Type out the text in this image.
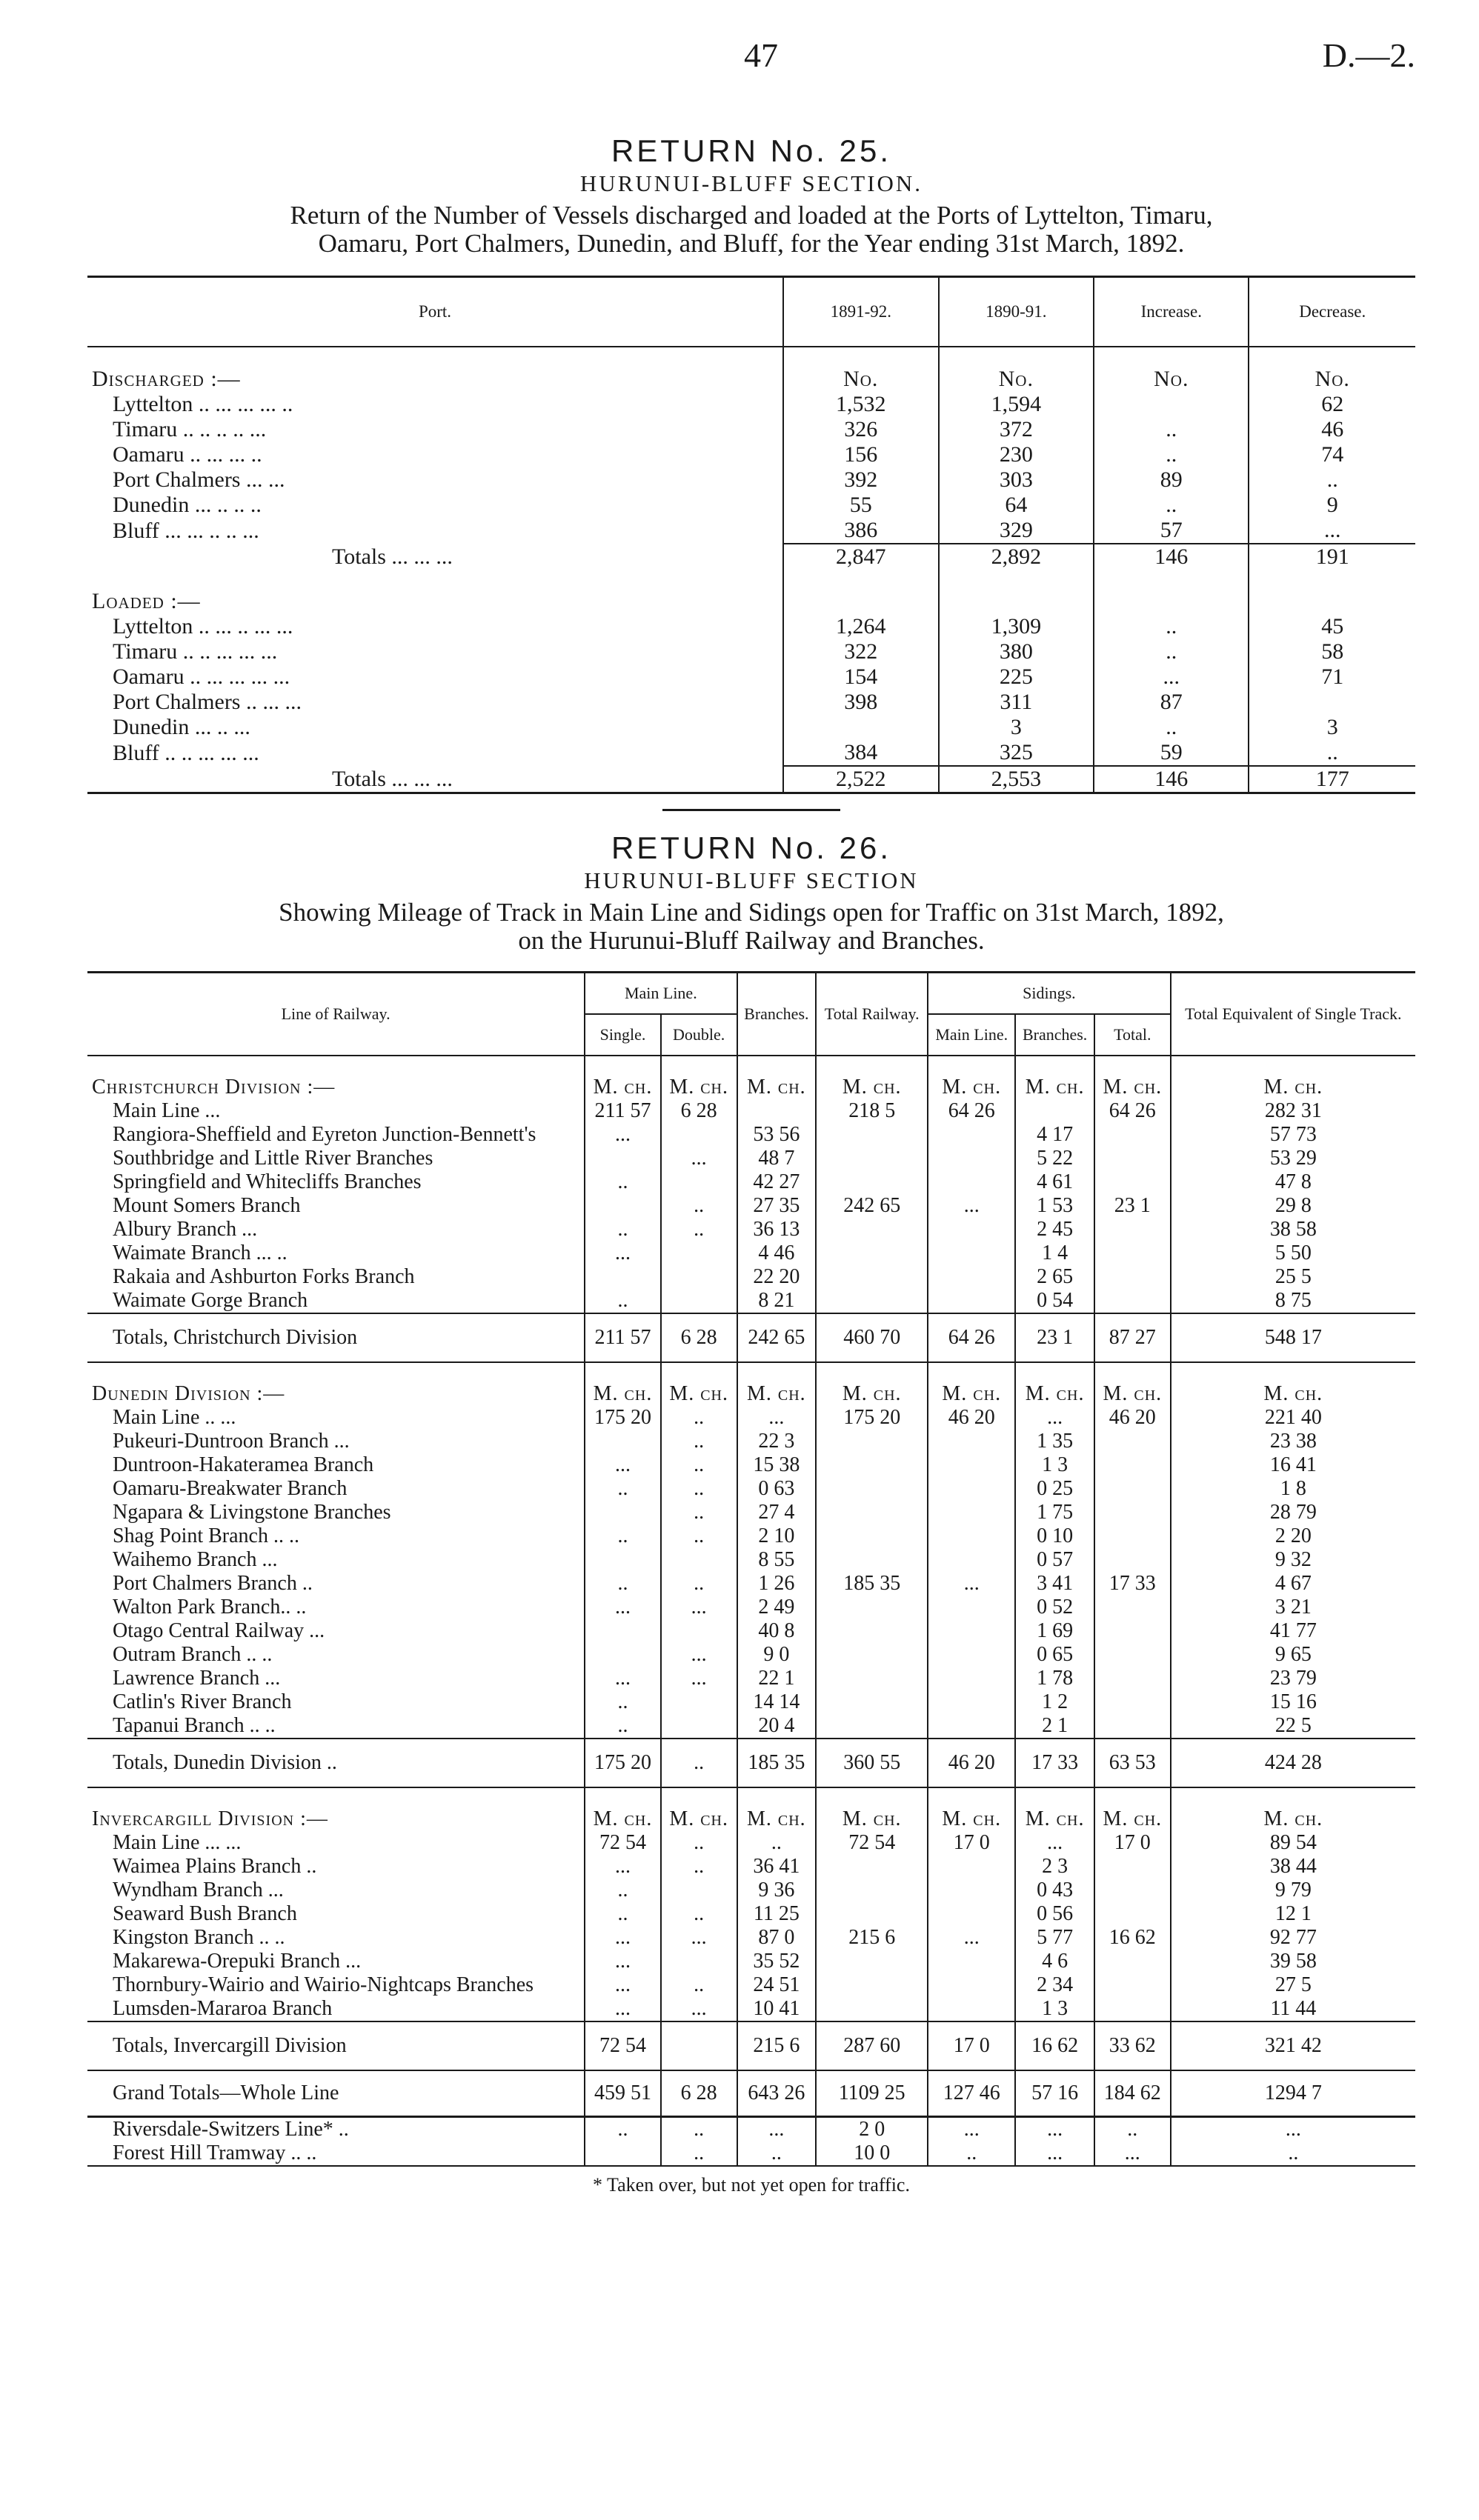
47	D.—2.
RETURN No. 25.
HURUNUI-BLUFF SECTION.
Return of the Number of Vessels discharged and loaded at the Ports of Lyttelton, Timaru,
Oamaru, Port Chalmers, Dunedin, and Bluff, for the Year ending 31st March, 1892.
Port.	1891-92.	1890-91.	Increase.	Decrease.
Discharged :—	No.	No.	No.	No.
Lyttelton .. ... ... ... ..	1,532	1,594		62
Timaru .. .. .. .. ...	326	372	..	46
Oamaru .. ... ... ..	156	230	..	74
Port Chalmers ... ...	392	303	89	..
Dunedin ... .. .. ..	55	64	..	9
Bluff ... ... .. .. ...	386	329	57	...
Totals ... ... ...	2,847	2,892	146	191
Loaded :—				
Lyttelton .. ... .. ... ...	1,264	1,309	..	45
Timaru .. .. ... ... ...	322	380	..	58
Oamaru .. ... ... ... ...	154	225	...	71
Port Chalmers .. ... ...	398	311	87	
Dunedin ... .. ...		3	..	3
Bluff .. .. ... ... ...	384	325	59	..
Totals ... ... ...	2,522	2,553	146	177
RETURN No. 26.
HURUNUI-BLUFF SECTION
Showing Mileage of Track in Main Line and Sidings open for Traffic on 31st March, 1892,
on the Hurunui-Bluff Railway and Branches.
Line of Railway.	Main Line.		Branches.	Total Railway.	Sidings.			Total Equivalent of Single Track.
	Single.	Double.			Main Line.	Branches.	Total.	
Christchurch Division :—	M. ch.	M. ch.	M. ch.	M. ch.	M. ch.	M. ch.	M. ch.	M. ch.
Main Line ...	211 57	6 28		218 5	64 26		64 26	282 31
Rangiora-Sheffield and Eyreton Junction-Bennett's	...		53 56			4 17		57 73
Southbridge and Little River Branches		...	48 7			5 22		53 29
Springfield and Whitecliffs Branches	..		42 27			4 61		47 8
Mount Somers Branch		..	27 35	242 65	...	1 53	23 1	29 8
Albury Branch ...	..	..	36 13			2 45		38 58
Waimate Branch ... ..	...		4 46			1 4		5 50
Rakaia and Ashburton Forks Branch			22 20			2 65		25 5
Waimate Gorge Branch	..		8 21			0 54		8 75
Totals, Christchurch Division	211 57	6 28	242 65	460 70	64 26	23 1	87 27	548 17
Dunedin Division :—	M. ch.	M. ch.	M. ch.	M. ch.	M. ch.	M. ch.	M. ch.	M. ch.
Main Line .. ...	175 20	..	...	175 20	46 20	...	46 20	221 40
Pukeuri-Duntroon Branch ...		..	22 3			1 35		23 38
Duntroon-Hakateramea Branch	...	..	15 38			1 3		16 41
Oamaru-Breakwater Branch	..	..	0 63			0 25		1 8
Ngapara & Livingstone Branches		..	27 4			1 75		28 79
Shag Point Branch .. ..	..	..	2 10			0 10		2 20
Waihemo Branch ...			8 55			0 57		9 32
Port Chalmers Branch ..	..	..	1 26	185 35	...	3 41	17 33	4 67
Walton Park Branch.. ..	...	...	2 49			0 52		3 21
Otago Central Railway ...			40 8			1 69		41 77
Outram Branch .. ..		...	9 0			0 65		9 65
Lawrence Branch ...	...	...	22 1			1 78		23 79
Catlin's River Branch	..		14 14			1 2		15 16
Tapanui Branch .. ..	..		20 4			2 1		22 5
Totals, Dunedin Division ..	175 20	..	185 35	360 55	46 20	17 33	63 53	424 28
Invercargill Division :—	M. ch.	M. ch.	M. ch.	M. ch.	M. ch.	M. ch.	M. ch.	M. ch.
Main Line ... ...	72 54	..	..	72 54	17 0	...	17 0	89 54
Waimea Plains Branch ..	...	..	36 41			2 3		38 44
Wyndham Branch ...	..		9 36			0 43		9 79
Seaward Bush Branch	..	..	11 25			0 56		12 1
Kingston Branch .. ..	...	...	87 0	215 6	...	5 77	16 62	92 77
Makarewa-Orepuki Branch ...	...		35 52			4 6		39 58
Thornbury-Wairio and Wairio-Nightcaps Branches	...	..	24 51			2 34		27 5
Lumsden-Mararoa Branch	...	...	10 41			1 3		11 44
Totals, Invercargill Division	72 54		215 6	287 60	17 0	16 62	33 62	321 42
Grand Totals—Whole Line	459 51	6 28	643 26	1109 25	127 46	57 16	184 62	1294 7
Riversdale-Switzers Line* ..	..	..	...	2 0	...	...	..	...
Forest Hill Tramway .. ..		..	..	10 0	..	...	...	..
* Taken over, but not yet open for traffic.
